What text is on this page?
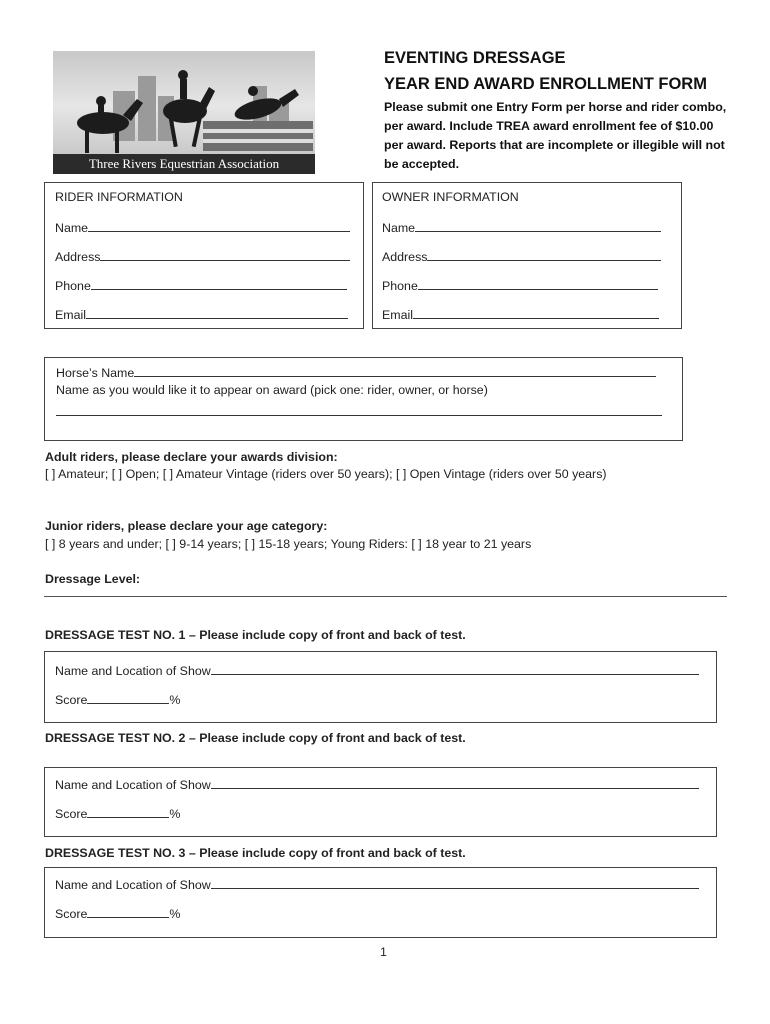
Three Rivers Equestrian Association
EVENTING DRESSAGE
YEAR END AWARD ENROLLMENT FORM
Please submit one Entry Form per horse and rider combo, per award. Include TREA award enrollment fee of $10.00 per award. Reports that are incomplete or illegible will not be accepted.
RIDER INFORMATION
Name
Address
Phone
Email
OWNER INFORMATION
Name
Address
Phone
Email
Horse’s Name
Name as you would like it to appear on award (pick one: rider, owner, or horse)
Adult riders, please declare your awards division:
[ ] Amateur; [ ] Open; [ ] Amateur Vintage (riders over 50 years); [ ] Open Vintage (riders over 50 years)
Junior riders, please declare your age category:
[ ] 8 years and under; [ ] 9-14 years; [ ] 15-18 years; Young Riders: [ ] 18 year to 21 years
Dressage Level:
DRESSAGE TEST NO. 1 – Please include copy of front and back of test.
Name and Location of Show
Score	%
DRESSAGE TEST NO. 2 – Please include copy of front and back of test.
Name and Location of Show
Score	%
DRESSAGE TEST NO. 3 – Please include copy of front and back of test.
Name and Location of Show
Score	%
1
